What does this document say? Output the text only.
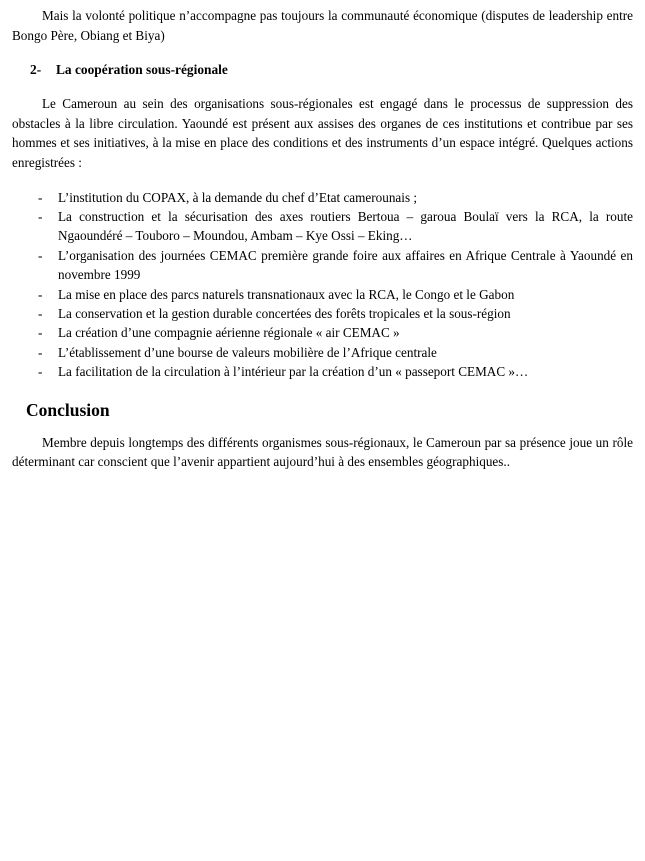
Mais la volonté politique n’accompagne pas toujours la communauté économique (disputes de leadership entre Bongo Père, Obiang et Biya)

2- La coopération sous-régionale

Le Cameroun au sein des organisations sous-régionales est engagé dans le processus de suppression des obstacles à la libre circulation. Yaoundé est présent aux assises des organes de ces institutions et contribue par ses hommes et ses initiatives, à la mise en place des conditions et des instruments d’un espace intégré. Quelques actions enregistrées :

- L’institution du COPAX, à la demande du chef d’Etat camerounais ;
- La construction et la sécurisation des axes routiers Bertoua – garoua Boulaï vers la RCA, la route Ngaoundéré – Touboro – Moundou, Ambam – Kye Ossi – Eking…
- L’organisation des journées CEMAC première grande foire aux affaires en Afrique Centrale à Yaoundé en novembre 1999
- La mise en place des parcs naturels transnationaux avec la RCA, le Congo et le Gabon
- La conservation et la gestion durable concertées des forêts tropicales et la sous-région
- La création d’une compagnie aérienne régionale « air CEMAC »
- L’établissement d’une bourse de valeurs mobilière de l’Afrique centrale
- La facilitation de la circulation à l’intérieur par la création d’un « passeport CEMAC »…
Conclusion

Membre depuis longtemps des différents organismes sous-régionaux, le Cameroun par sa présence joue un rôle déterminant car conscient que l’avenir appartient aujourd’hui à des ensembles géographiques..
